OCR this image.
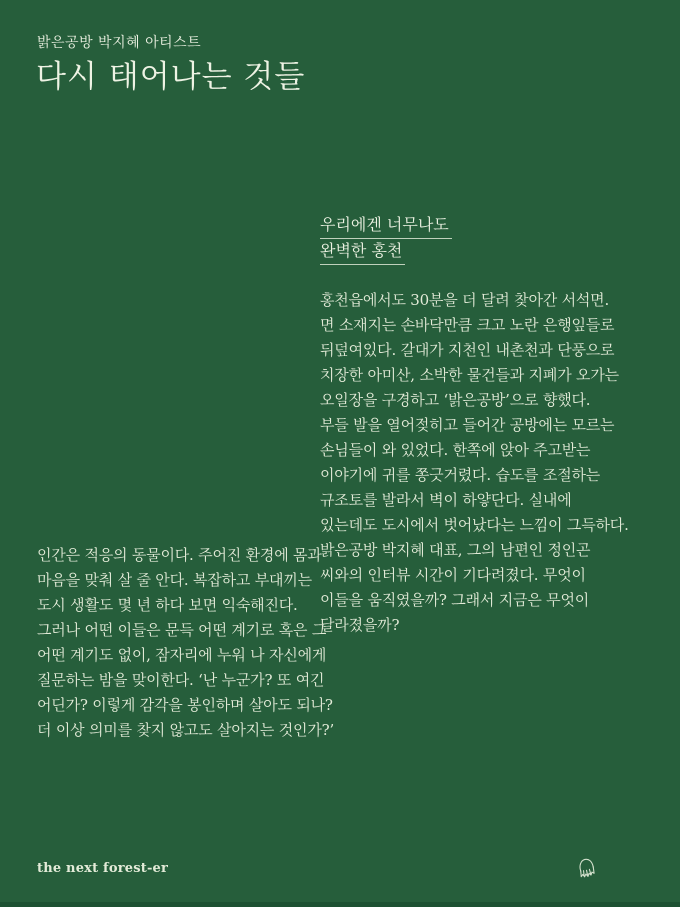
밝은공방 박지혜 아티스트
다시 태어나는 것들
우리에겐 너무나도
완벽한 홍천
홍천읍에서도 30분을 더 달려 찾아간 서석면.
면 소재지는 손바닥만큼 크고 노란 은행잎들로
뒤덮여있다. 갈대가 지천인 내촌천과 단풍으로
치장한 아미산, 소박한 물건들과 지폐가 오가는
오일장을 구경하고 ‘밝은공방’으로 향했다.
부들 발을 열어젖히고 들어간 공방에는 모르는
손님들이 와 있었다. 한쪽에 앉아 주고받는
이야기에 귀를 쫑긋거렸다. 습도를 조절하는
규조토를 발라서 벽이 하얗단다. 실내에
있는데도 도시에서 벗어났다는 느낌이 그득하다.
밝은공방 박지혜 대표, 그의 남편인 정인곤
씨와의 인터뷰 시간이 기다려졌다. 무엇이
이들을 움직였을까? 그래서 지금은 무엇이
달라졌을까?
인간은 적응의 동물이다. 주어진 환경에 몸과
마음을 맞춰 살 줄 안다. 복잡하고 부대끼는
도시 생활도 몇 년 하다 보면 익숙해진다.
그러나 어떤 이들은 문득 어떤 계기로 혹은 그
어떤 계기도 없이, 잠자리에 누워 나 자신에게
질문하는 밤을 맞이한다. ‘난 누군가? 또 여긴
어딘가? 이렇게 감각을 봉인하며 살아도 되나?
더 이상 의미를 찾지 않고도 살아지는 것인가?’
the next forest-er
